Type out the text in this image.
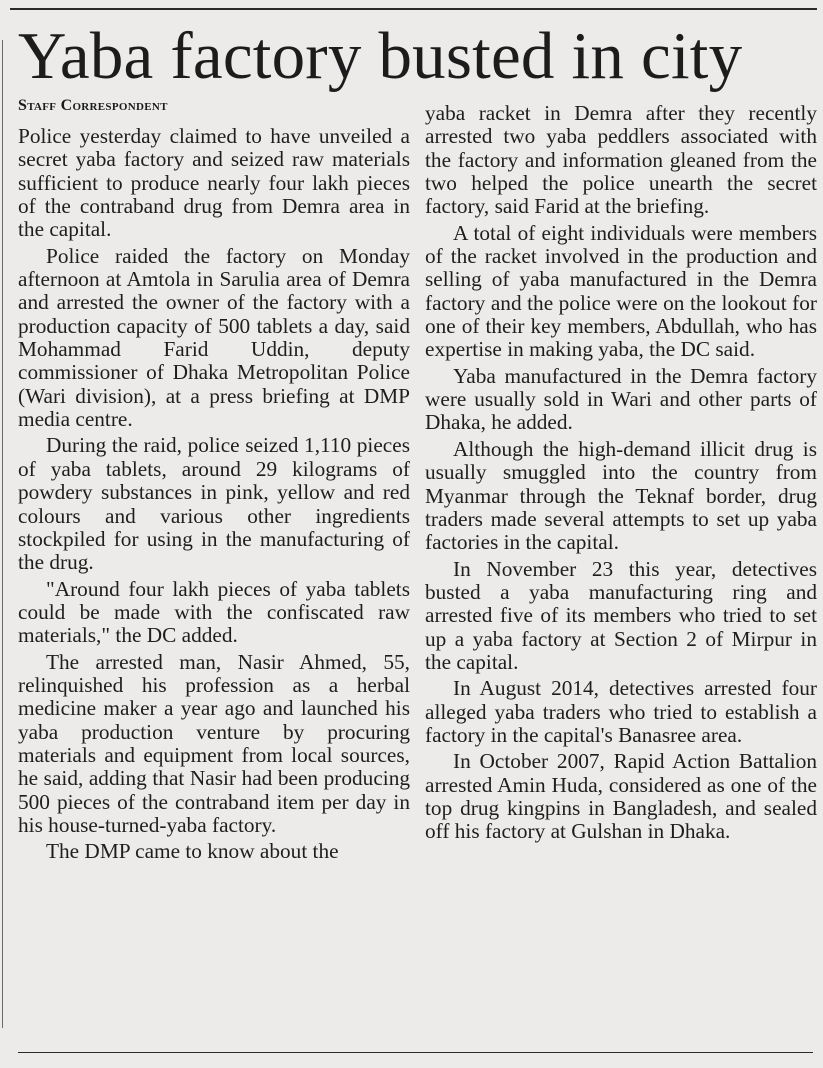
Yaba factory busted in city
Staff Correspondent

Police yesterday claimed to have unveiled a secret yaba factory and seized raw materials sufficient to produce nearly four lakh pieces of the contraband drug from Demra area in the capital.

Police raided the factory on Monday afternoon at Amtola in Sarulia area of Demra and arrested the owner of the factory with a production capacity of 500 tablets a day, said Mohammad Farid Uddin, deputy commissioner of Dhaka Metropolitan Police (Wari division), at a press briefing at DMP media centre.

During the raid, police seized 1,110 pieces of yaba tablets, around 29 kilograms of powdery substances in pink, yellow and red colours and various other ingredients stockpiled for using in the manufacturing of the drug.

"Around four lakh pieces of yaba tablets could be made with the confiscated raw materials," the DC added.

The arrested man, Nasir Ahmed, 55, relinquished his profession as a herbal medicine maker a year ago and launched his yaba production venture by procuring materials and equipment from local sources, he said, adding that Nasir had been producing 500 pieces of the contraband item per day in his house-turned-yaba factory.

The DMP came to know about the

yaba racket in Demra after they recently arrested two yaba peddlers associated with the factory and information gleaned from the two helped the police unearth the secret factory, said Farid at the briefing.

A total of eight individuals were members of the racket involved in the production and selling of yaba manufactured in the Demra factory and the police were on the lookout for one of their key members, Abdullah, who has expertise in making yaba, the DC said.

Yaba manufactured in the Demra factory were usually sold in Wari and other parts of Dhaka, he added.

Although the high-demand illicit drug is usually smuggled into the country from Myanmar through the Teknaf border, drug traders made several attempts to set up yaba factories in the capital.

In November 23 this year, detectives busted a yaba manufacturing ring and arrested five of its members who tried to set up a yaba factory at Section 2 of Mirpur in the capital.

In August 2014, detectives arrested four alleged yaba traders who tried to establish a factory in the capital's Banasree area.

In October 2007, Rapid Action Battalion arrested Amin Huda, considered as one of the top drug kingpins in Bangladesh, and sealed off his factory at Gulshan in Dhaka.
